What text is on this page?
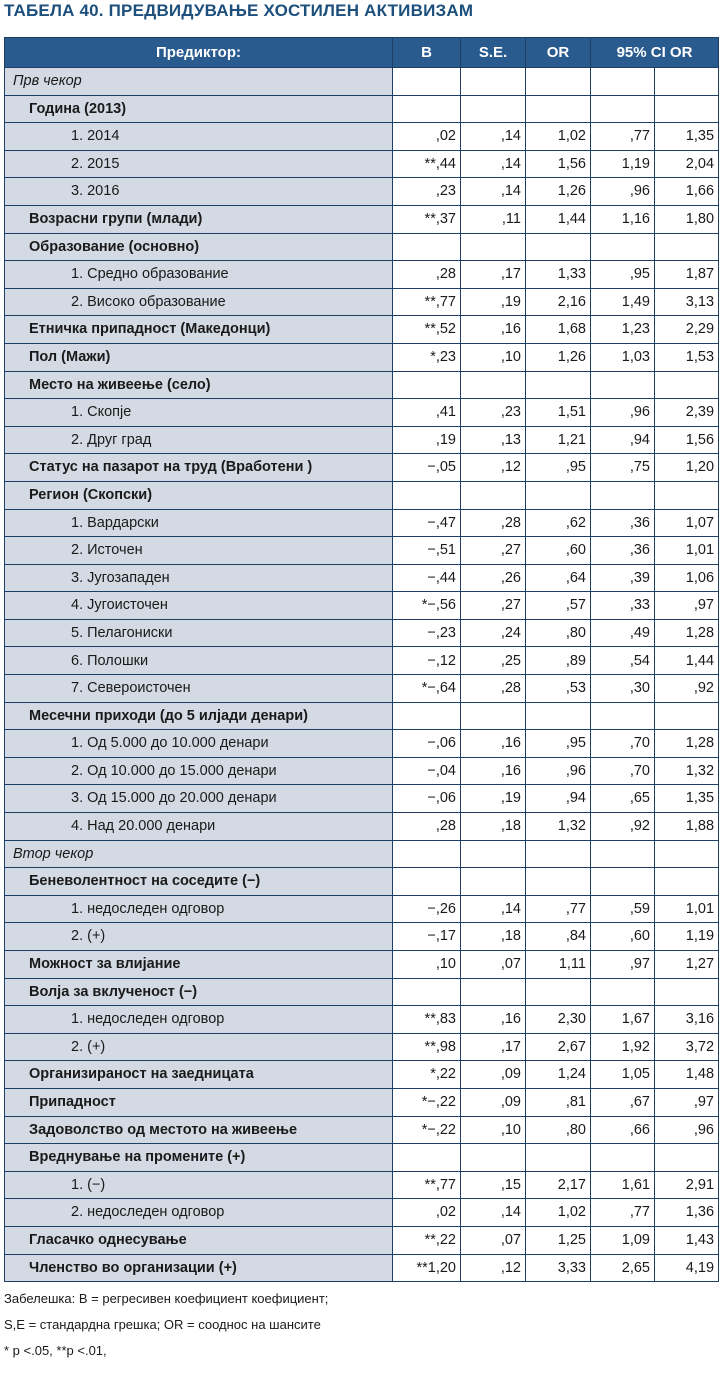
ТАБЕЛА 40. ПРЕДВИДУВАЊЕ ХОСТИЛЕН АКТИВИЗАМ
Предиктор:	B	S.E.	OR	95% CI OR	
Прв чекор					
Година (2013)					
1. 2014	,02	,14	1,02	,77	1,35
2. 2015	**,44	,14	1,56	1,19	2,04
3. 2016	,23	,14	1,26	,96	1,66
Возрасни групи (млади)	**,37	,11	1,44	1,16	1,80
Образование (основно)					
1. Средно образование	,28	,17	1,33	,95	1,87
2. Високо образование	**,77	,19	2,16	1,49	3,13
Етничка припадност (Македонци)	**,52	,16	1,68	1,23	2,29
Пол (Мажи)	*,23	,10	1,26	1,03	1,53
Место на живеење (село)					
1. Скопје	,41	,23	1,51	,96	2,39
2. Друг град	,19	,13	1,21	,94	1,56
Статус на пазарот на труд (Вработени )	−,05	,12	,95	,75	1,20
Регион (Скопски)					
1. Вардарски	−,47	,28	,62	,36	1,07
2. Источен	−,51	,27	,60	,36	1,01
3. Југозападен	−,44	,26	,64	,39	1,06
4. Југоисточен	*−,56	,27	,57	,33	,97
5. Пелагониски	−,23	,24	,80	,49	1,28
6. Полошки	−,12	,25	,89	,54	1,44
7. Североисточен	*−,64	,28	,53	,30	,92
Месечни приходи (до 5 илјади денари)					
1. Од 5.000 до 10.000 денари	−,06	,16	,95	,70	1,28
2. Од 10.000 до 15.000 денари	−,04	,16	,96	,70	1,32
3. Од 15.000 до 20.000 денари	−,06	,19	,94	,65	1,35
4. Над 20.000 денари	,28	,18	1,32	,92	1,88
Втор чекор					
Беневолентност на соседите (−)					
1. недоследен одговор	−,26	,14	,77	,59	1,01
2. (+)	−,17	,18	,84	,60	1,19
Можност за влијание	,10	,07	1,11	,97	1,27
Волја за вклученост (−)					
1. недоследен одговор	**,83	,16	2,30	1,67	3,16
2. (+)	**,98	,17	2,67	1,92	3,72
Организираност на заедницата	*,22	,09	1,24	1,05	1,48
Припадност	*−,22	,09	,81	,67	,97
Задоволство од местото на живеење	*−,22	,10	,80	,66	,96
Вреднување на промените (+)					
1. (−)	**,77	,15	2,17	1,61	2,91
2. недоследен одговор	,02	,14	1,02	,77	1,36
Гласачко однесување	**,22	,07	1,25	1,09	1,43
Членство во организации (+)	**1,20	,12	3,33	2,65	4,19
Забелешка: B = регресивен коефициент коефициент;
S,E = стандардна грешка; OR = сооднос на шансите
* p <.05, **p <.01,
